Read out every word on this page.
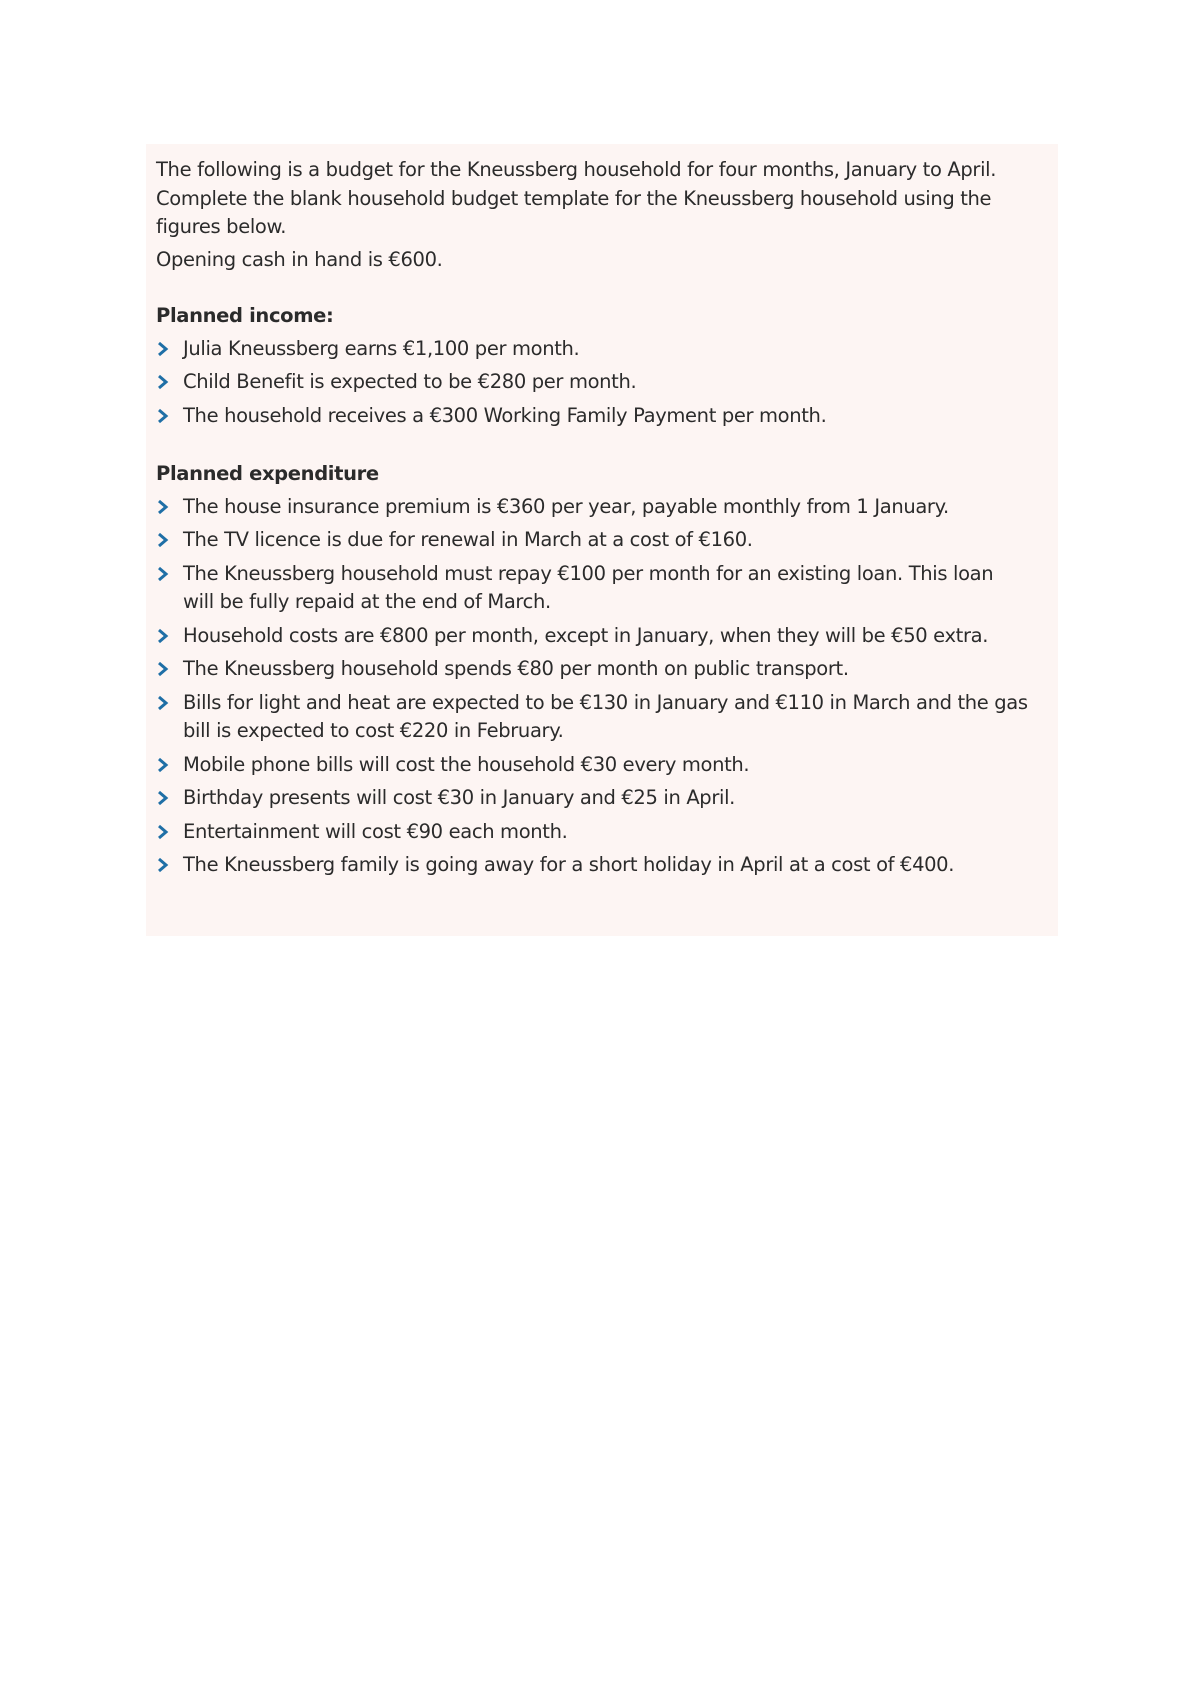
The following is a budget for the Kneussberg household for four months, January to April. Complete the blank household budget template for the Kneussberg household using the figures below.

Opening cash in hand is €600.

Planned income:
Julia Kneussberg earns €1,100 per month.
Child Benefit is expected to be €280 per month.
The household receives a €300 Working Family Payment per month.
Planned expenditure
The house insurance premium is €360 per year, payable monthly from 1 January.
The TV licence is due for renewal in March at a cost of €160.
The Kneussberg household must repay €100 per month for an existing loan. This loan will be fully repaid at the end of March.
Household costs are €800 per month, except in January, when they will be €50 extra.
The Kneussberg household spends €80 per month on public transport.
Bills for light and heat are expected to be €130 in January and €110 in March and the gas bill is expected to cost €220 in February.
Mobile phone bills will cost the household €30 every month.
Birthday presents will cost €30 in January and €25 in April.
Entertainment will cost €90 each month.
The Kneussberg family is going away for a short holiday in April at a cost of €400.
